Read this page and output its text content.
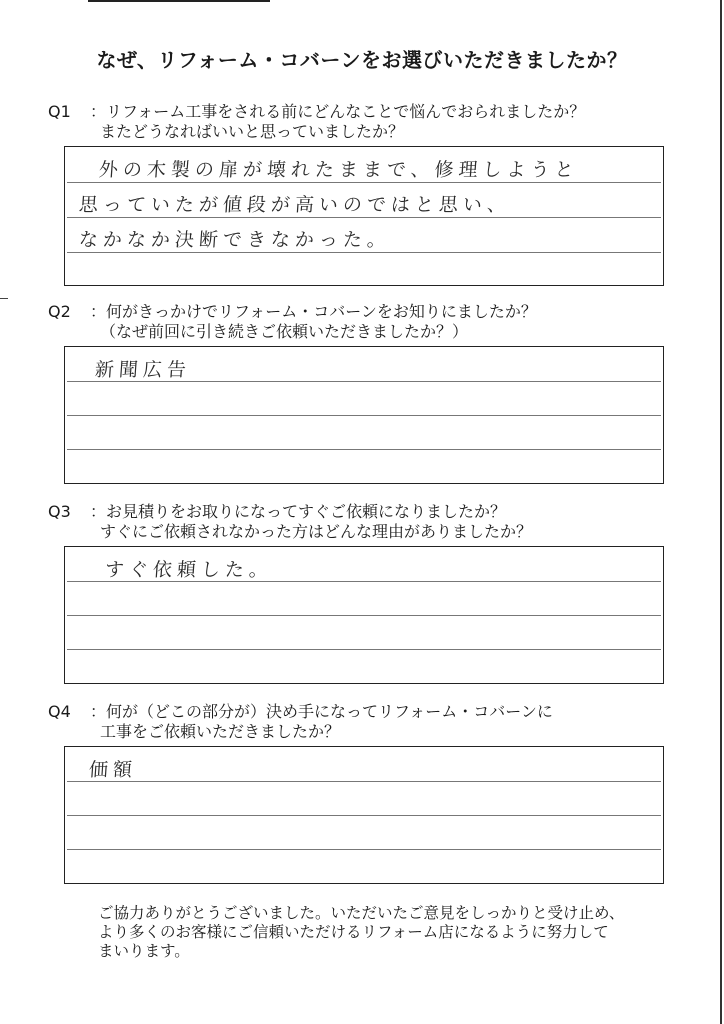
なぜ、リフォーム・コバーンをお選びいただきましたか？
Q1 ：リフォーム工事をされる前にどんなことで悩んでおられましたか？
またどうなればいいと思っていましたか？
外の木製の扉が壊れたままで、修理しようと
思っていたが値段が高いのではと思い、
なかなか決断できなかった。
Q2 ：何がきっかけでリフォーム・コバーンをお知りにましたか？
（なぜ前回に引き続きご依頼いただきましたか？）
新聞広告
Q3 ：お見積りをお取りになってすぐご依頼になりましたか？
すぐにご依頼されなかった方はどんな理由がありましたか？
すぐ依頼した。
Q4 ：何が（どこの部分が）決め手になってリフォーム・コバーンに
工事をご依頼いただきましたか？
価額
ご協力ありがとうございました。いただいたご意見をしっかりと受け止め、
より多くのお客様にご信頼いただけるリフォーム店になるように努力して
まいります。
